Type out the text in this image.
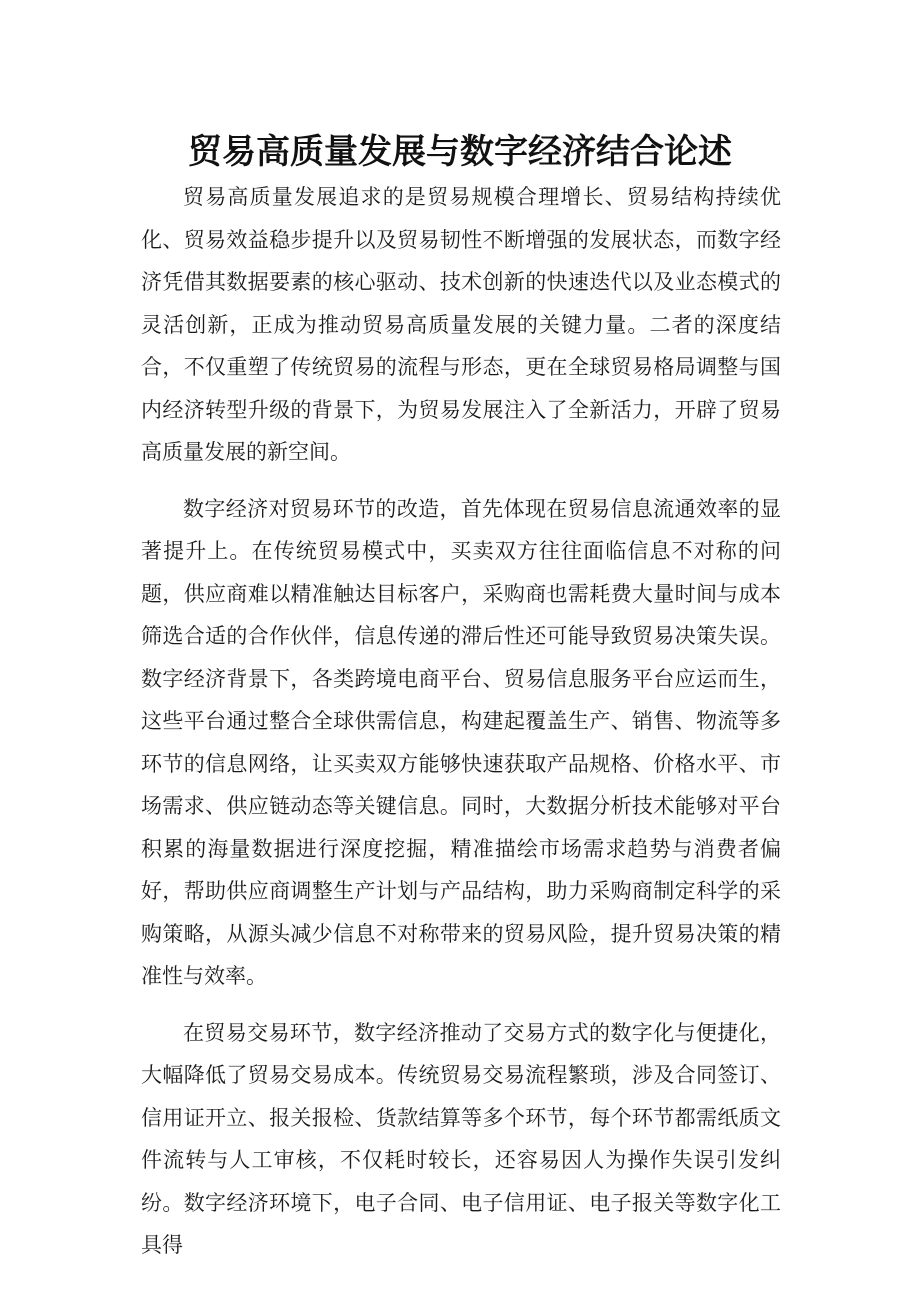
贸易高质量发展与数字经济结合论述

贸易高质量发展追求的是贸易规模合理增长、贸易结构持续优化、贸易效益稳步提升以及贸易韧性不断增强的发展状态，而数字经济凭借其数据要素的核心驱动、技术创新的快速迭代以及业态模式的灵活创新，正成为推动贸易高质量发展的关键力量。二者的深度结合，不仅重塑了传统贸易的流程与形态，更在全球贸易格局调整与国内经济转型升级的背景下，为贸易发展注入了全新活力，开辟了贸易高质量发展的新空间。

数字经济对贸易环节的改造，首先体现在贸易信息流通效率的显著提升上。在传统贸易模式中，买卖双方往往面临信息不对称的问题，供应商难以精准触达目标客户，采购商也需耗费大量时间与成本筛选合适的合作伙伴，信息传递的滞后性还可能导致贸易决策失误。数字经济背景下，各类跨境电商平台、贸易信息服务平台应运而生，这些平台通过整合全球供需信息，构建起覆盖生产、销售、物流等多环节的信息网络，让买卖双方能够快速获取产品规格、价格水平、市场需求、供应链动态等关键信息。同时，大数据分析技术能够对平台积累的海量数据进行深度挖掘，精准描绘市场需求趋势与消费者偏好，帮助供应商调整生产计划与产品结构，助力采购商制定科学的采购策略，从源头减少信息不对称带来的贸易风险，提升贸易决策的精准性与效率。

在贸易交易环节，数字经济推动了交易方式的数字化与便捷化，大幅降低了贸易交易成本。传统贸易交易流程繁琐，涉及合同签订、信用证开立、报关报检、货款结算等多个环节，每个环节都需纸质文件流转与人工审核，不仅耗时较长，还容易因人为操作失误引发纠纷。数字经济环境下，电子合同、电子信用证、电子报关等数字化工具得
